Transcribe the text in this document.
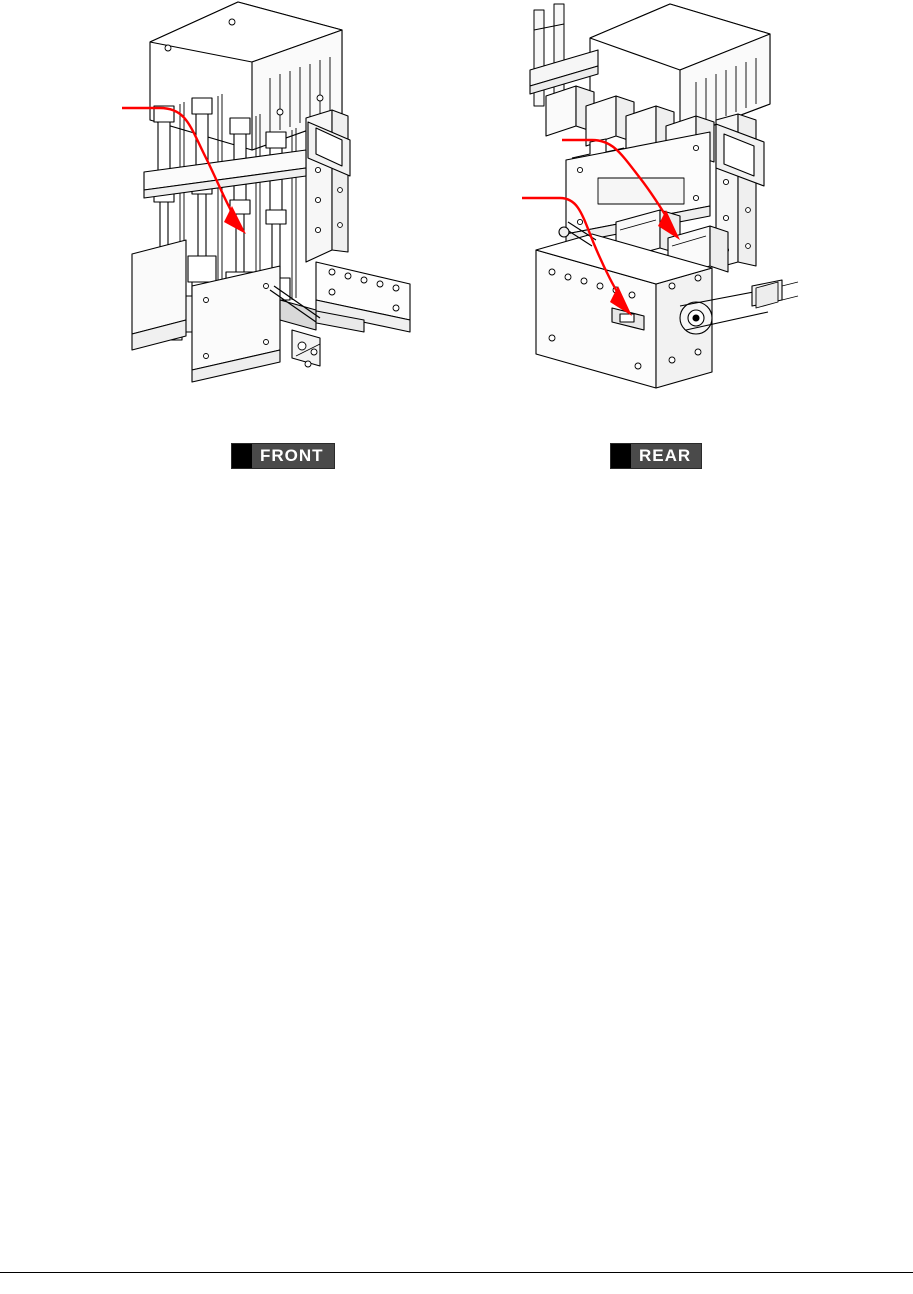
FRONT	REAR
